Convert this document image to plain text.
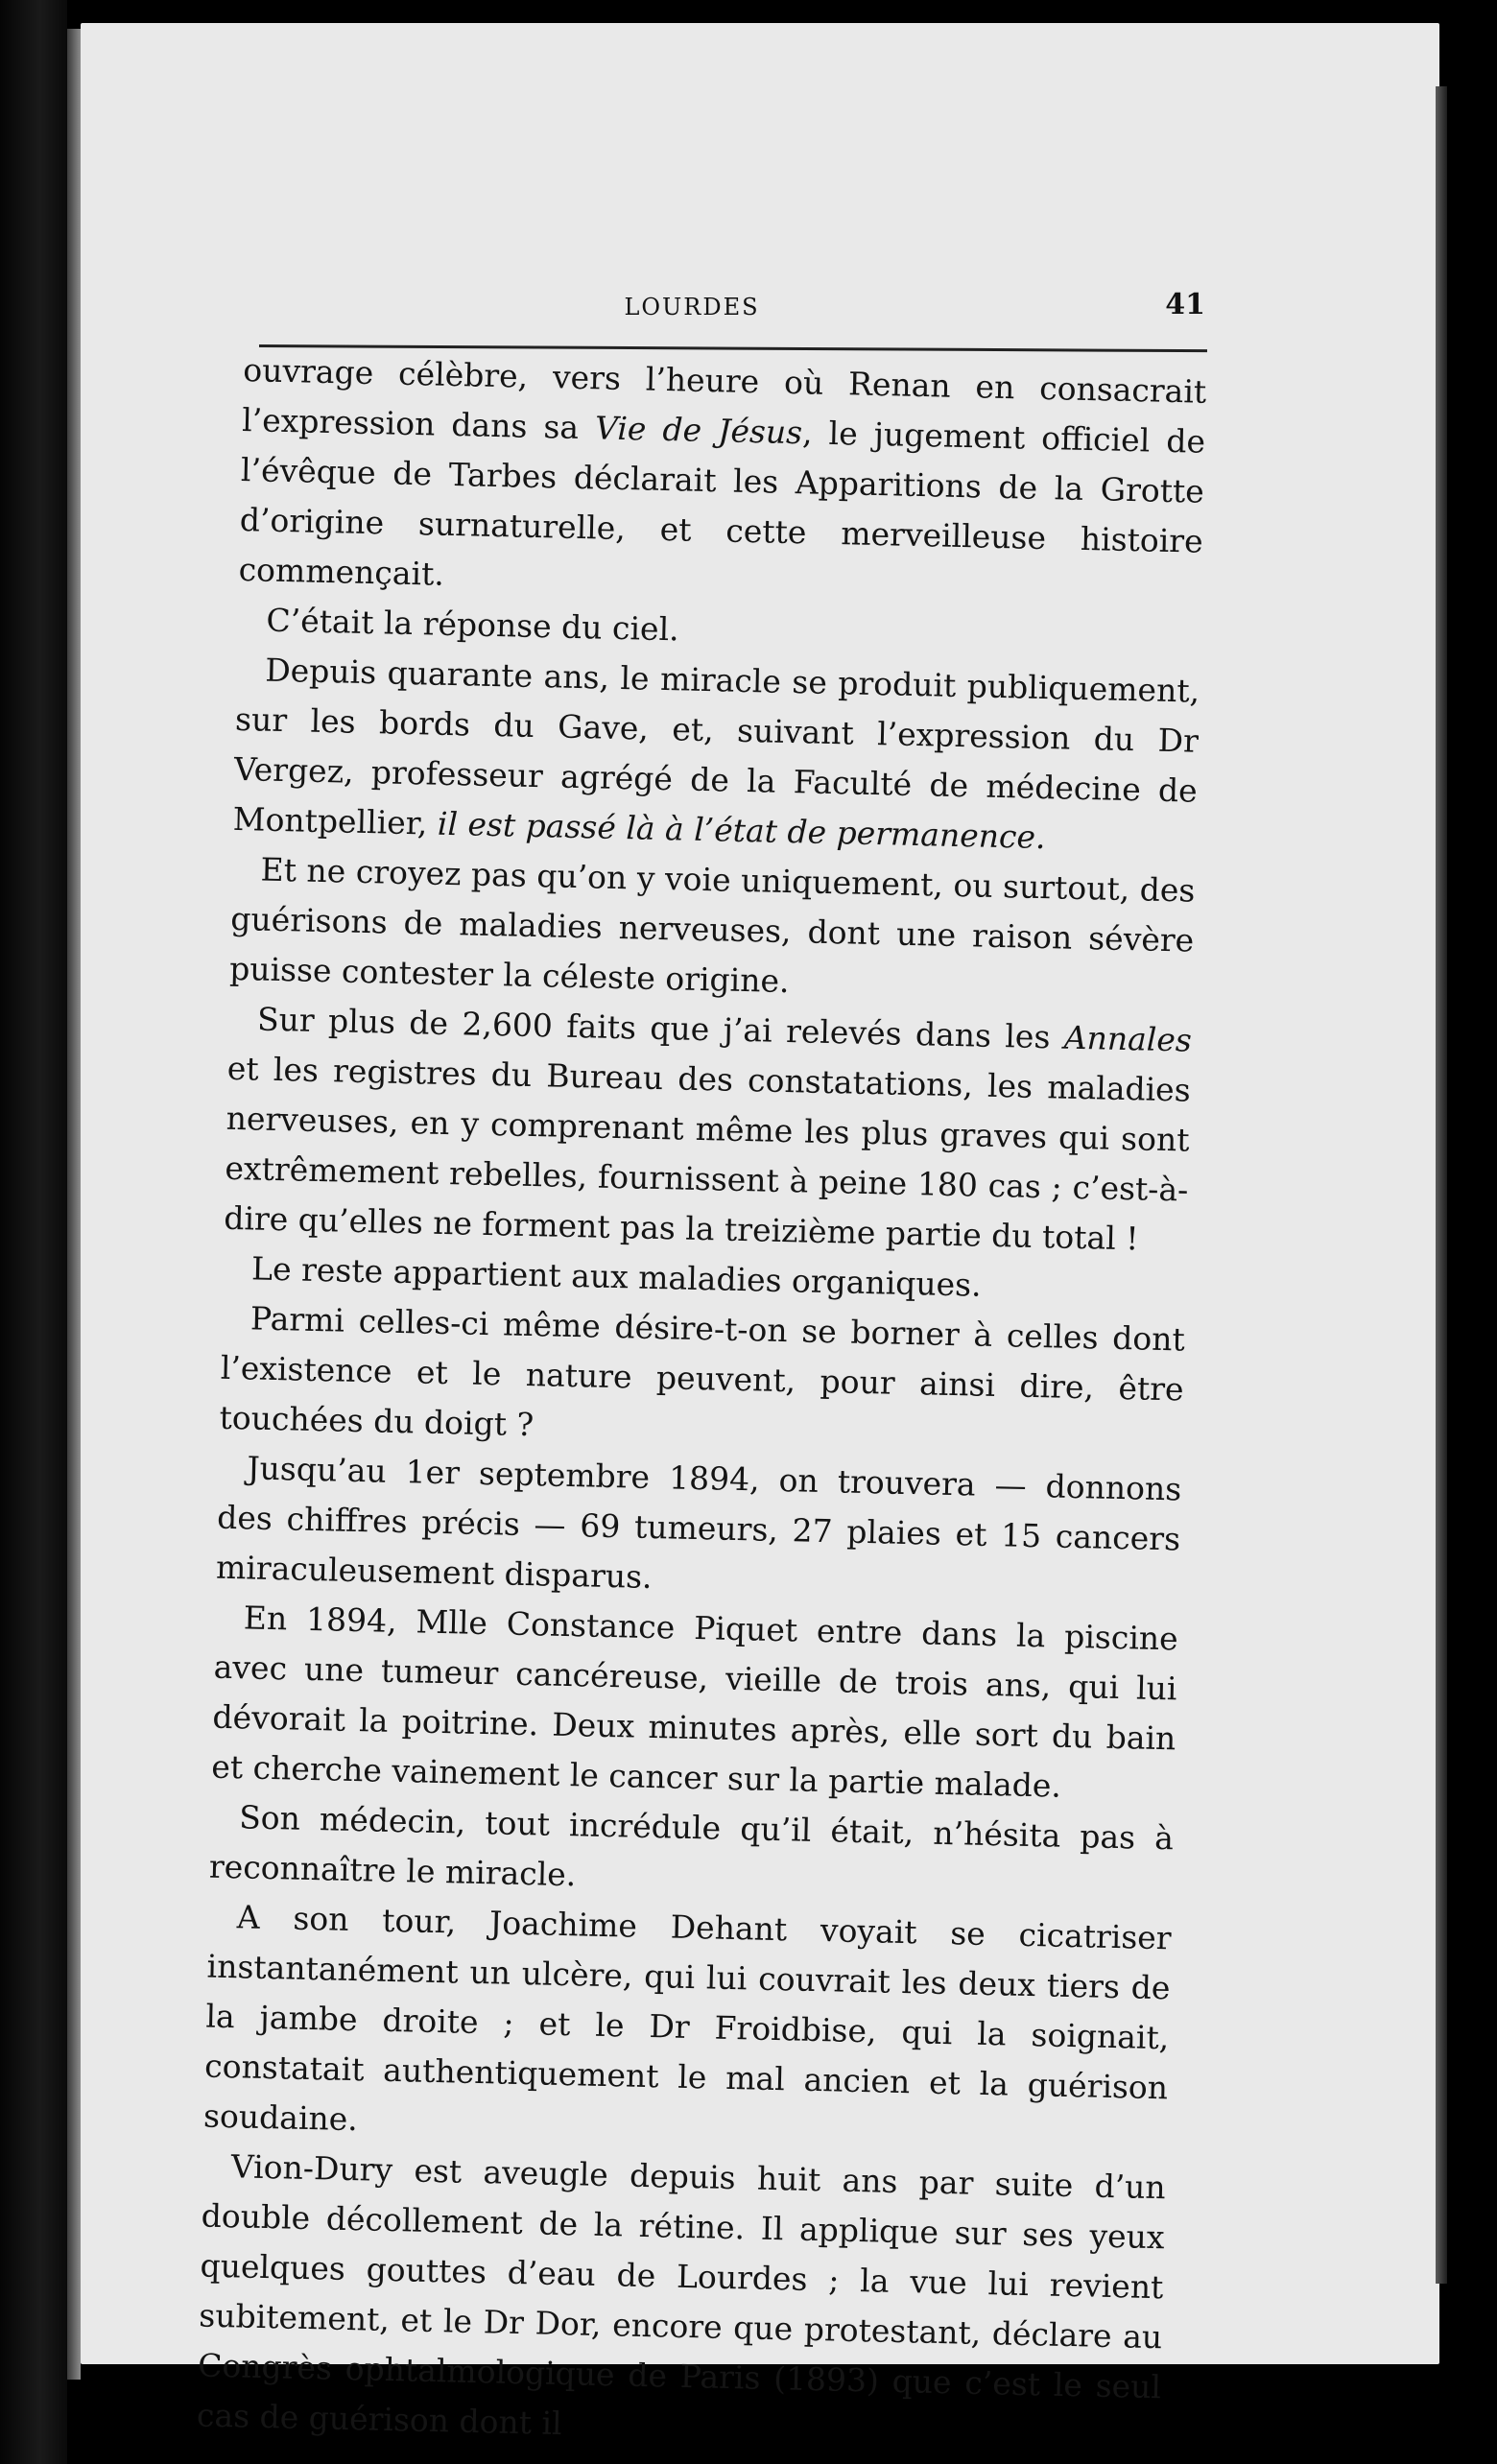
LOURDES	41

ouvrage célèbre, vers l’heure où Renan en consacrait l’expression dans sa Vie de Jésus, le jugement officiel de l’évêque de Tarbes déclarait les Apparitions de la Grotte d’origine surnaturelle, et cette merveilleuse histoire commençait.

C’était la réponse du ciel.

Depuis quarante ans, le miracle se produit publiquement, sur les bords du Gave, et, suivant l’expression du Dr Vergez, professeur agrégé de la Faculté de médecine de Montpellier, il est passé là à l’état de permanence.

Et ne croyez pas qu’on y voie uniquement, ou surtout, des guérisons de maladies nerveuses, dont une raison sévère puisse contester la céleste origine.

Sur plus de 2,600 faits que j’ai relevés dans les Annales et les registres du Bureau des constatations, les maladies nerveuses, en y comprenant même les plus graves qui sont extrêmement rebelles, fournissent à peine 180 cas ; c’est-à-dire qu’elles ne forment pas la treizième partie du total !

Le reste appartient aux maladies organiques.

Parmi celles-ci même désire-t-on se borner à celles dont l’existence et le nature peuvent, pour ainsi dire, être touchées du doigt ?

Jusqu’au 1er septembre 1894, on trouvera — donnons des chiffres précis — 69 tumeurs, 27 plaies et 15 cancers miraculeusement disparus.

En 1894, Mlle Constance Piquet entre dans la piscine avec une tumeur cancéreuse, vieille de trois ans, qui lui dévorait la poitrine. Deux minutes après, elle sort du bain et cherche vainement le cancer sur la partie malade.

Son médecin, tout incrédule qu’il était, n’hésita pas à reconnaître le miracle.

A son tour, Joachime Dehant voyait se cicatriser instantanément un ulcère, qui lui couvrait les deux tiers de la jambe droite ; et le Dr Froidbise, qui la soignait, constatait authentiquement le mal ancien et la guérison soudaine.

Vion-Dury est aveugle depuis huit ans par suite d’un double décollement de la rétine. Il applique sur ses yeux quelques gouttes d’eau de Lourdes ; la vue lui revient subitement, et le Dr Dor, encore que protestant, déclare au Congrès ophtalmologique de Paris (1893) que c’est le seul cas de guérison dont il
